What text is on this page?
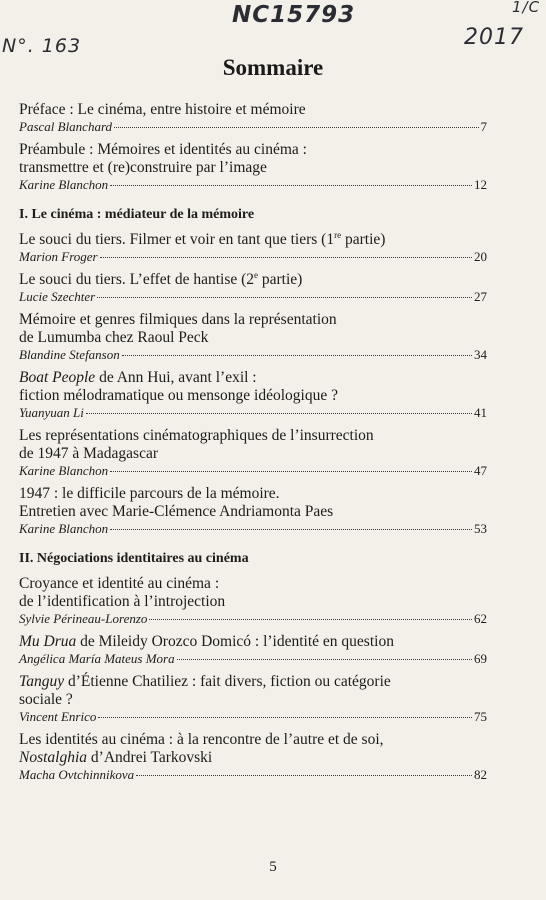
NC15793
N°. 163	2017
1/C
Sommaire
Préface : Le cinéma, entre histoire et mémoire
Pascal Blanchard	7
Préambule : Mémoires et identités au cinéma :
transmettre et (re)construire par l’image
Karine Blanchon	12
I. Le cinéma : médiateur de la mémoire
Le souci du tiers. Filmer et voir en tant que tiers (1re partie)
Marion Froger	20
Le souci du tiers. L’effet de hantise (2e partie)
Lucie Szechter	27
Mémoire et genres filmiques dans la représentation
de Lumumba chez Raoul Peck
Blandine Stefanson	34
Boat People de Ann Hui, avant l’exil :
fiction mélodramatique ou mensonge idéologique ?
Yuanyuan Li	41
Les représentations cinématographiques de l’insurrection
de 1947 à Madagascar
Karine Blanchon	47
1947 : le difficile parcours de la mémoire.
Entretien avec Marie-Clémence Andriamonta Paes
Karine Blanchon	53
II. Négociations identitaires au cinéma
Croyance et identité au cinéma :
de l’identification à l’introjection
Sylvie Périneau-Lorenzo	62
Mu Drua de Mileidy Orozco Domicó : l’identité en question
Angélica María Mateus Mora	69
Tanguy d’Étienne Chatiliez : fait divers, fiction ou catégorie
sociale ?
Vincent Enrico	75
Les identités au cinéma : à la rencontre de l’autre et de soi,
Nostalghia d’Andrei Tarkovski
Macha Ovtchinnikova	82
5
